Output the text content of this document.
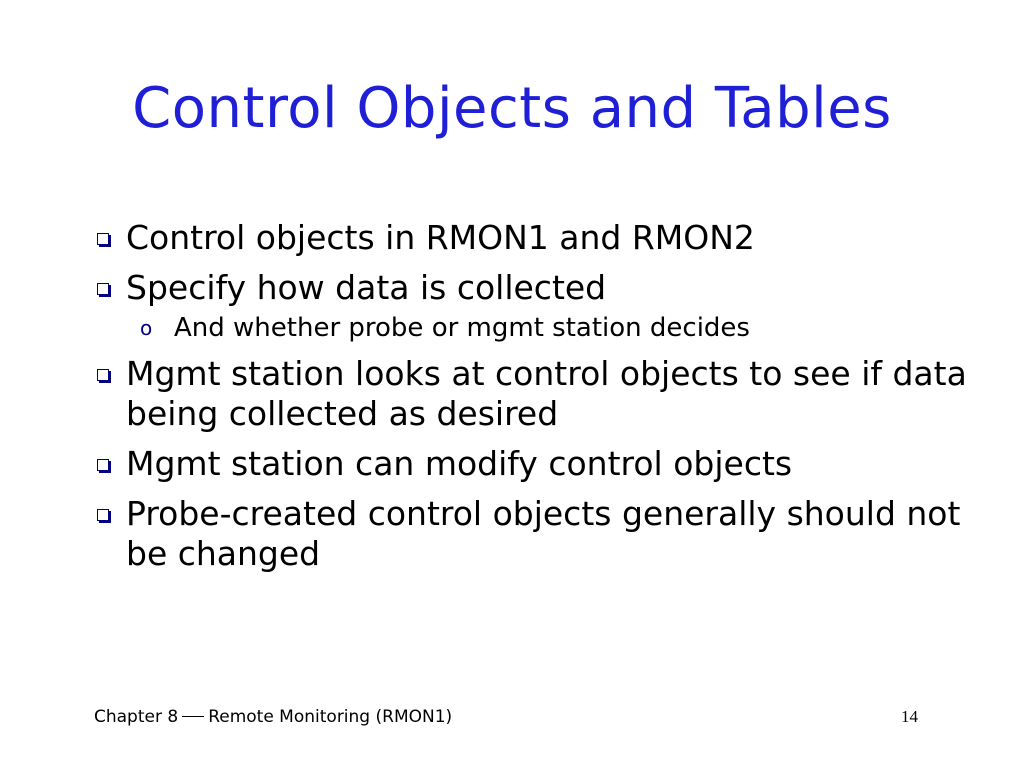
Control Objects and Tables
Control objects in RMON1 and RMON2
Specify how data is collected
o And whether probe or mgmt station decides
Mgmt station looks at control objects to see if data being collected as desired
Mgmt station can modify control objects
Probe-created control objects generally should not be changed
Chapter 8 Remote Monitoring (RMON1)	14
